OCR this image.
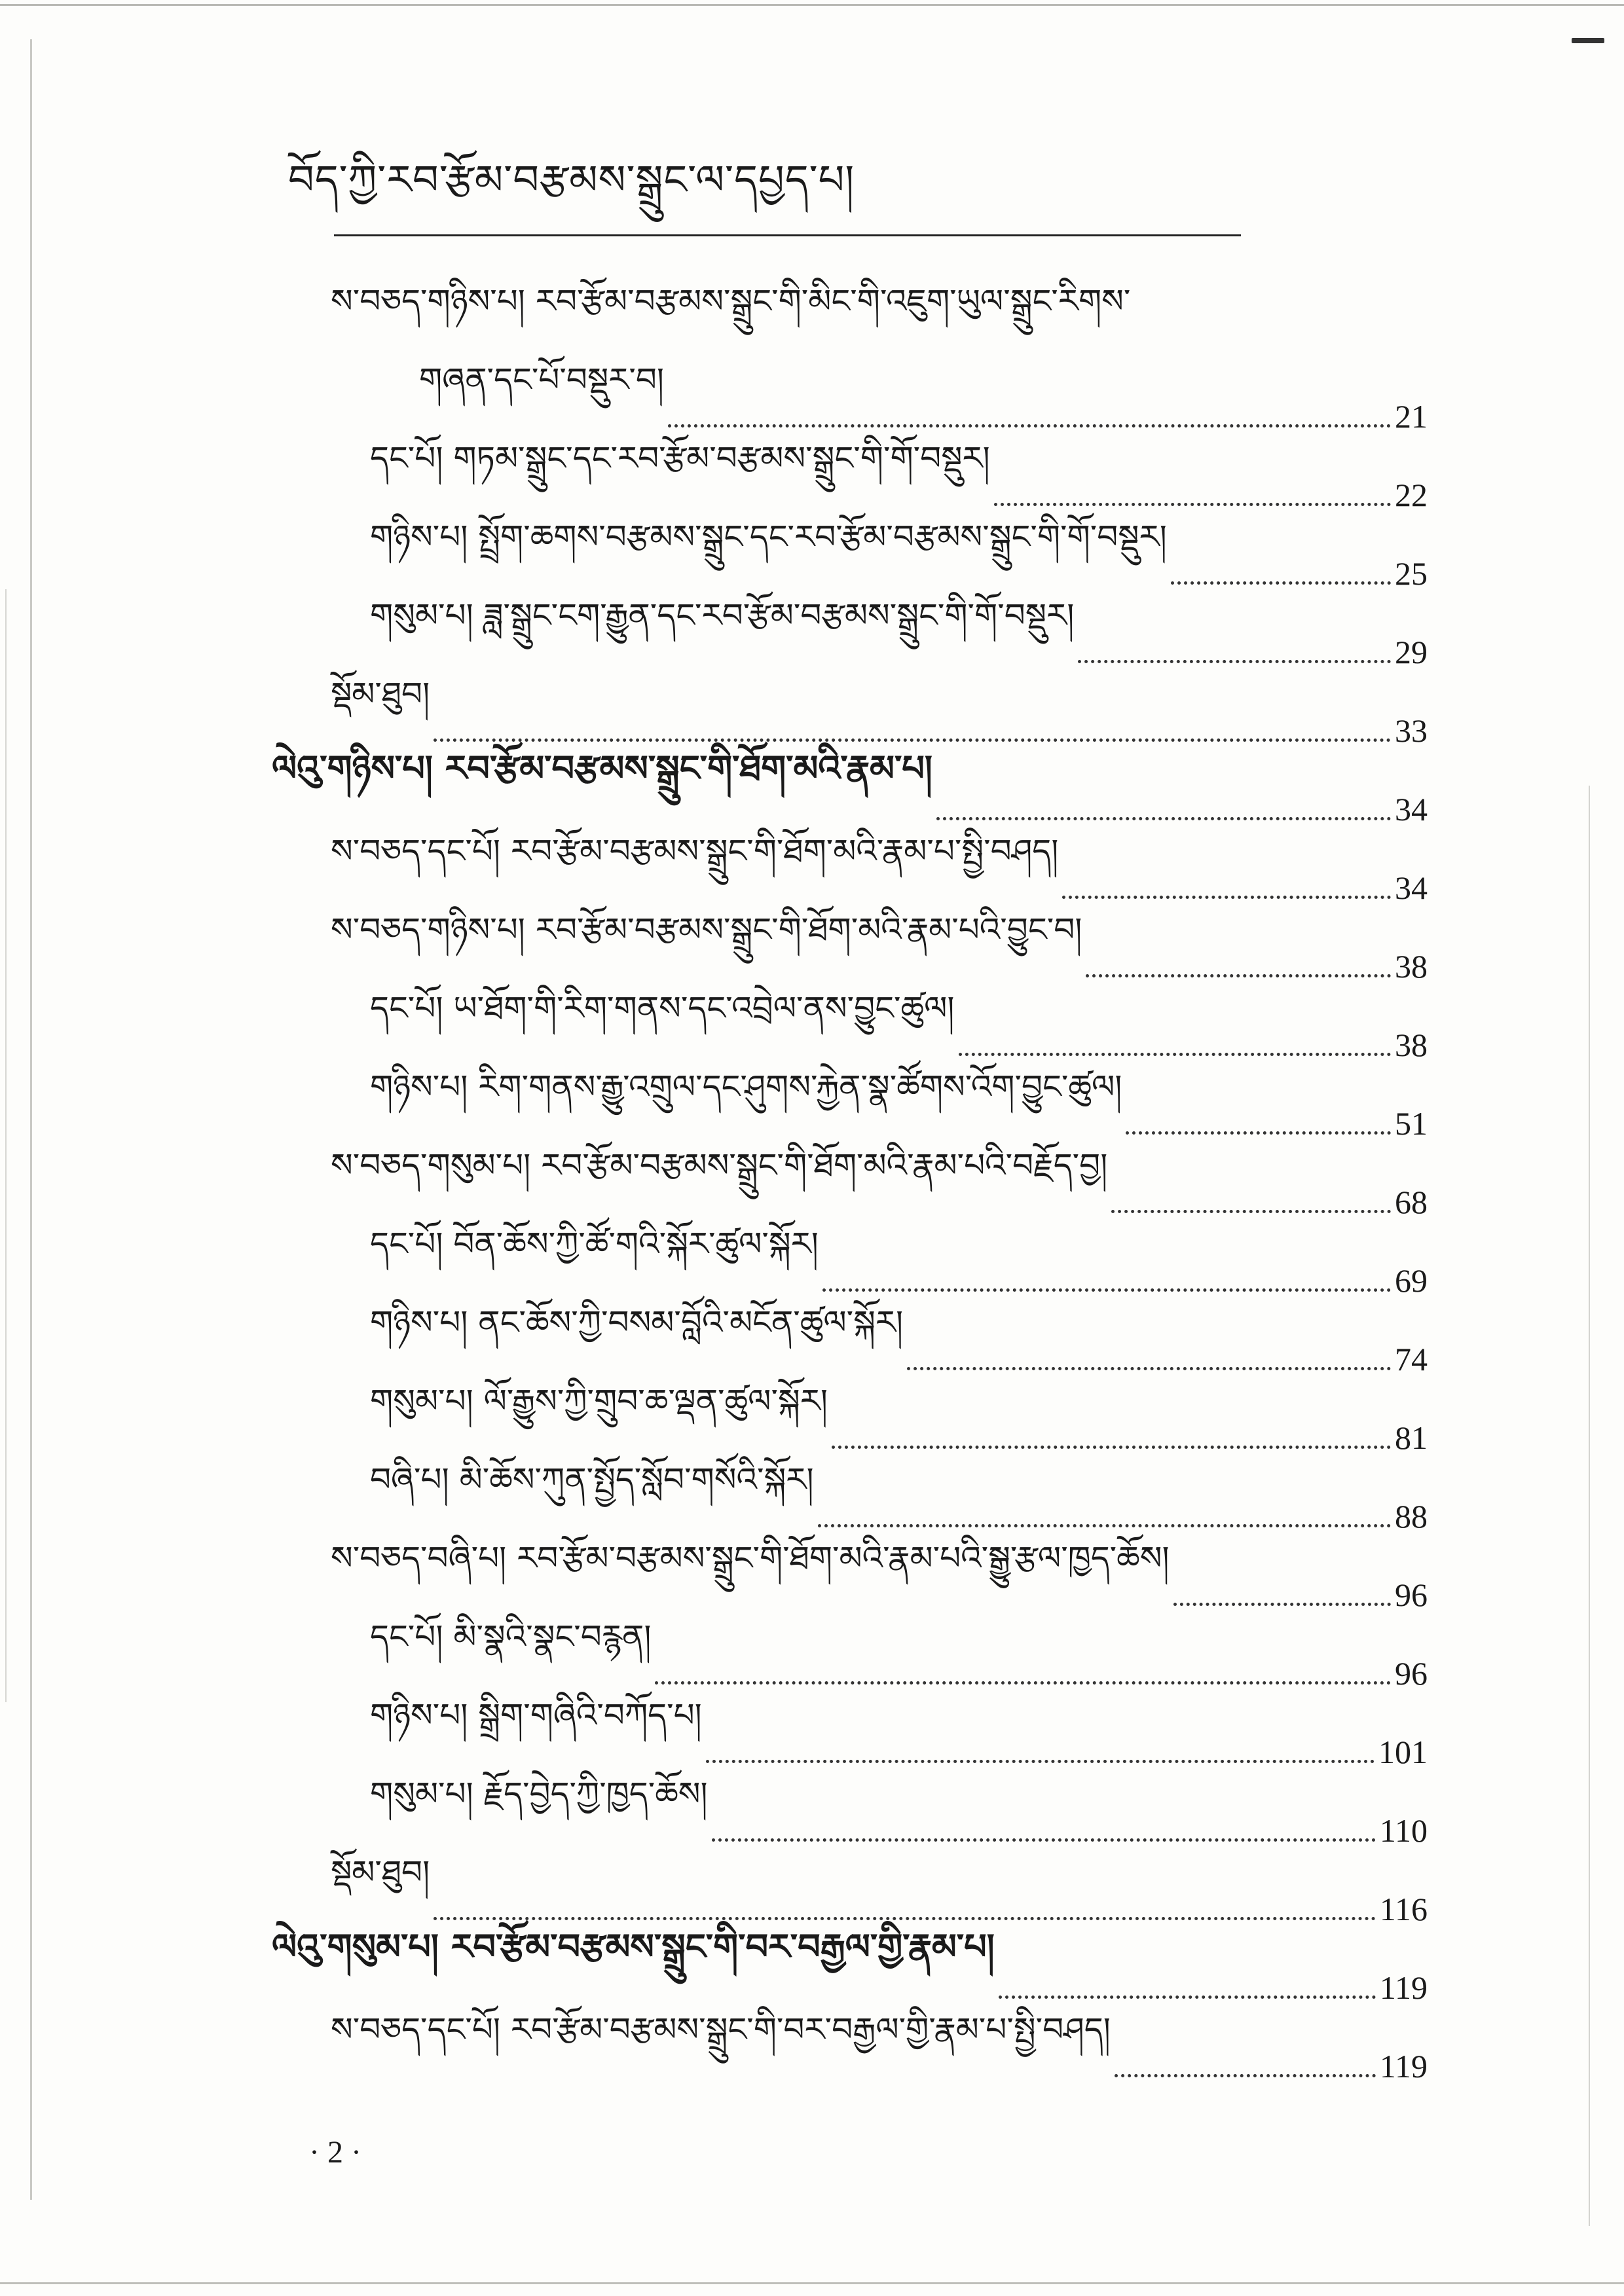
བོད་ཀྱི་རབ་རྩོམ་བརྩམས་སྒྲུང་ལ་དཔྱད་པ།
ས་བཅད་གཉིས་པ། རབ་རྩོམ་བརྩམས་སྒྲུང་གི་མིང་གི་འཇུག་ཡུལ་སྒྲུང་རིགས་
གཞན་དང་པོ་བསྡུར་བ།
21
དང་པོ། གཏམ་སྒྲུང་དང་རབ་རྩོམ་བརྩམས་སྒྲུང་གི་གོ་བསྡུར།
22
གཉིས་པ། སྤྲོག་ཆགས་བརྩམས་སྒྲུང་དང་རབ་རྩོམ་བརྩམས་སྒྲུང་གི་གོ་བསྡུར།
25
གསུམ་པ། ཟླ་སྒྲུང་ངག་རྒྱུན་དང་རབ་རྩོམ་བརྩམས་སྒྲུང་གི་གོ་བསྡུར།
29
སྡོམ་ཐུབ།
33
ལེའུ་གཉིས་པ། རབ་རྩོམ་བརྩམས་སྒྲུང་གི་ཐོག་མའི་རྣམ་པ།
34
ས་བཅད་དང་པོ། རབ་རྩོམ་བརྩམས་སྒྲུང་གི་ཐོག་མའི་རྣམ་པ་སྤྱི་བཤད།
34
ས་བཅད་གཉིས་པ། རབ་རྩོམ་བརྩམས་སྒྲུང་གི་ཐོག་མའི་རྣམ་པའི་བྱུང་བ།
38
དང་པོ། ཡ་ཐོག་གི་རིག་གནས་དང་འབྲེལ་ནས་བྱུང་ཚུལ།
38
གཉིས་པ། རིག་གནས་རྒྱུ་འགྲུལ་དང་ཤུགས་རྐྱེན་སྣ་ཚོགས་འོག་བྱུང་ཚུལ།
51
ས་བཅད་གསུམ་པ། རབ་རྩོམ་བརྩམས་སྒྲུང་གི་ཐོག་མའི་རྣམ་པའི་བརྗོད་བྱ།
68
དང་པོ། བོན་ཆོས་ཀྱི་ཚོ་གའི་སྐོར་ཚུལ་སྐོར།
69
གཉིས་པ། ནང་ཆོས་ཀྱི་བསམ་བློའི་མངོན་ཚུལ་སྐོར།
74
གསུམ་པ། ལོ་རྒྱུས་ཀྱི་གྲུབ་ཆ་ལྡན་ཚུལ་སྐོར།
81
བཞི་པ། མི་ཆོས་ཀུན་སྤྱོད་སློབ་གསོའི་སྐོར།
88
ས་བཅད་བཞི་པ། རབ་རྩོམ་བརྩམས་སྒྲུང་གི་ཐོག་མའི་རྣམ་པའི་སྒྱུ་རྩལ་ཁྱད་ཆོས།
96
དང་པོ། མི་སྣའི་སྣང་བརྙན།
96
གཉིས་པ། སྒྲིག་གཞིའི་བཀོད་པ།
101
གསུམ་པ། རྗོད་བྱེད་ཀྱི་ཁྱད་ཆོས།
110
སྡོམ་ཐུབ།
116
ལེའུ་གསུམ་པ། རབ་རྩོམ་བརྩམས་སྒྲུང་གི་བར་བརྒྱལ་གྱི་རྣམ་པ།
119
ས་བཅད་དང་པོ། རབ་རྩོམ་བརྩམས་སྒྲུང་གི་བར་བརྒྱལ་གྱི་རྣམ་པ་སྤྱི་བཤད།
119
· 2 ·
